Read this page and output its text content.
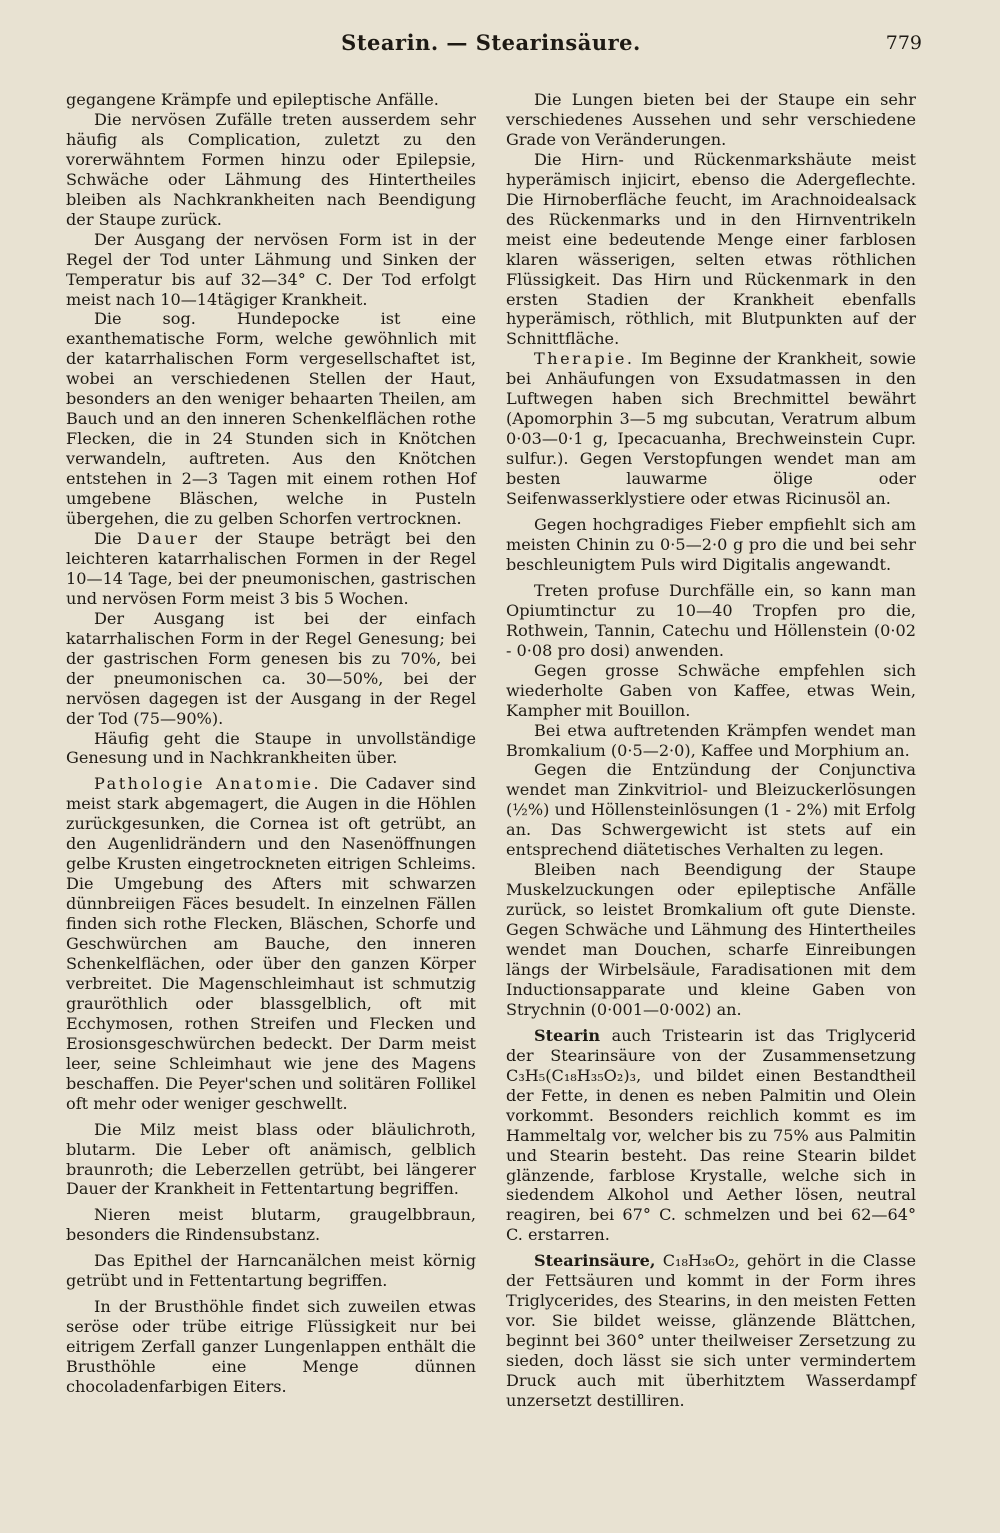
Stearin. — Stearinsäure.	779

gegangene Krämpfe und epileptische Anfälle.

Die nervösen Zufälle treten ausserdem sehr häufig als Complication, zuletzt zu den vorerwähntem Formen hinzu oder Epilepsie, Schwäche oder Lähmung des Hintertheiles bleiben als Nachkrankheiten nach Beendigung der Staupe zurück.

Der Ausgang der nervösen Form ist in der Regel der Tod unter Lähmung und Sinken der Temperatur bis auf 32—34° C. Der Tod erfolgt meist nach 10—14tägiger Krankheit.

Die sog. Hundepocke ist eine exanthematische Form, welche gewöhnlich mit der katarrhalischen Form vergesellschaftet ist, wobei an verschiedenen Stellen der Haut, besonders an den weniger behaarten Theilen, am Bauch und an den inneren Schenkelflächen rothe Flecken, die in 24 Stunden sich in Knötchen verwandeln, auftreten. Aus den Knötchen entstehen in 2—3 Tagen mit einem rothen Hof umgebene Bläschen, welche in Pusteln übergehen, die zu gelben Schorfen vertrocknen.

Die Dauer der Staupe beträgt bei den leichteren katarrhalischen Formen in der Regel 10—14 Tage, bei der pneumonischen, gastrischen und nervösen Form meist 3 bis 5 Wochen.

Der Ausgang ist bei der einfach katarrhalischen Form in der Regel Genesung; bei der gastrischen Form genesen bis zu 70%, bei der pneumonischen ca. 30—50%, bei der nervösen dagegen ist der Ausgang in der Regel der Tod (75—90%).

Häufig geht die Staupe in unvollständige Genesung und in Nachkrankheiten über.

Pathologie Anatomie. Die Cadaver sind meist stark abgemagert, die Augen in die Höhlen zurückgesunken, die Cornea ist oft getrübt, an den Augenlidrändern und den Nasenöffnungen gelbe Krusten eingetrockneten eitrigen Schleims. Die Umgebung des Afters mit schwarzen dünnbreiigen Fäces besudelt. In einzelnen Fällen finden sich rothe Flecken, Bläschen, Schorfe und Geschwürchen am Bauche, den inneren Schenkelflächen, oder über den ganzen Körper verbreitet. Die Magenschleimhaut ist schmutzig grauröthlich oder blassgelblich, oft mit Ecchymosen, rothen Streifen und Flecken und Erosionsgeschwürchen bedeckt. Der Darm meist leer, seine Schleimhaut wie jene des Magens beschaffen. Die Peyer'schen und solitären Follikel oft mehr oder weniger geschwellt.

Die Milz meist blass oder bläulichroth, blutarm. Die Leber oft anämisch, gelblich braunroth; die Leberzellen getrübt, bei längerer Dauer der Krankheit in Fettentartung begriffen.

Nieren meist blutarm, graugelbbraun, besonders die Rindensubstanz.

Das Epithel der Harncanälchen meist körnig getrübt und in Fettentartung begriffen.

In der Brusthöhle findet sich zuweilen etwas seröse oder trübe eitrige Flüssigkeit nur bei eitrigem Zerfall ganzer Lungenlappen enthält die Brusthöhle eine Menge dünnen chocoladenfarbigen Eiters.

Die Lungen bieten bei der Staupe ein sehr verschiedenes Aussehen und sehr verschiedene Grade von Veränderungen.

Die Hirn- und Rückenmarkshäute meist hyperämisch injicirt, ebenso die Adergeflechte. Die Hirnoberfläche feucht, im Arachnoidealsack des Rückenmarks und in den Hirnventrikeln meist eine bedeutende Menge einer farblosen klaren wässerigen, selten etwas röthlichen Flüssigkeit. Das Hirn und Rückenmark in den ersten Stadien der Krankheit ebenfalls hyperämisch, röthlich, mit Blutpunkten auf der Schnittfläche.

Therapie. Im Beginne der Krankheit, sowie bei Anhäufungen von Exsudatmassen in den Luftwegen haben sich Brechmittel bewährt (Apomorphin 3—5 mg subcutan, Veratrum album 0·03—0·1 g, Ipecacuanha, Brechweinstein Cupr. sulfur.). Gegen Verstopfungen wendet man am besten lauwarme ölige oder Seifenwasserklystiere oder etwas Ricinusöl an.

Gegen hochgradiges Fieber empfiehlt sich am meisten Chinin zu 0·5—2·0 g pro die und bei sehr beschleunigtem Puls wird Digitalis angewandt.

Treten profuse Durchfälle ein, so kann man Opiumtinctur zu 10—40 Tropfen pro die, Rothwein, Tannin, Catechu und Höllenstein (0·02 - 0·08 pro dosi) anwenden.

Gegen grosse Schwäche empfehlen sich wiederholte Gaben von Kaffee, etwas Wein, Kampher mit Bouillon.

Bei etwa auftretenden Krämpfen wendet man Bromkalium (0·5—2·0), Kaffee und Morphium an.

Gegen die Entzündung der Conjunctiva wendet man Zinkvitriol- und Bleizuckerlösungen (½%) und Höllensteinlösungen (1 - 2%) mit Erfolg an. Das Schwergewicht ist stets auf ein entsprechend diätetisches Verhalten zu legen.

Bleiben nach Beendigung der Staupe Muskelzuckungen oder epileptische Anfälle zurück, so leistet Bromkalium oft gute Dienste. Gegen Schwäche und Lähmung des Hintertheiles wendet man Douchen, scharfe Einreibungen längs der Wirbelsäule, Faradisationen mit dem Inductionsapparate und kleine Gaben von Strychnin (0·001—0·002) an.

Stearin auch Tristearin ist das Triglycerid der Stearinsäure von der Zusammensetzung C₃H₅(C₁₈H₃₅O₂)₃, und bildet einen Bestandtheil der Fette, in denen es neben Palmitin und Olein vorkommt. Besonders reichlich kommt es im Hammeltalg vor, welcher bis zu 75% aus Palmitin und Stearin besteht. Das reine Stearin bildet glänzende, farblose Krystalle, welche sich in siedendem Alkohol und Aether lösen, neutral reagiren, bei 67° C. schmelzen und bei 62—64° C. erstarren.

Stearinsäure, C₁₈H₃₆O₂, gehört in die Classe der Fettsäuren und kommt in der Form ihres Triglycerides, des Stearins, in den meisten Fetten vor. Sie bildet weisse, glänzende Blättchen, beginnt bei 360° unter theilweiser Zersetzung zu sieden, doch lässt sie sich unter vermindertem Druck auch mit überhitztem Wasserdampf unzersetzt destilliren.
